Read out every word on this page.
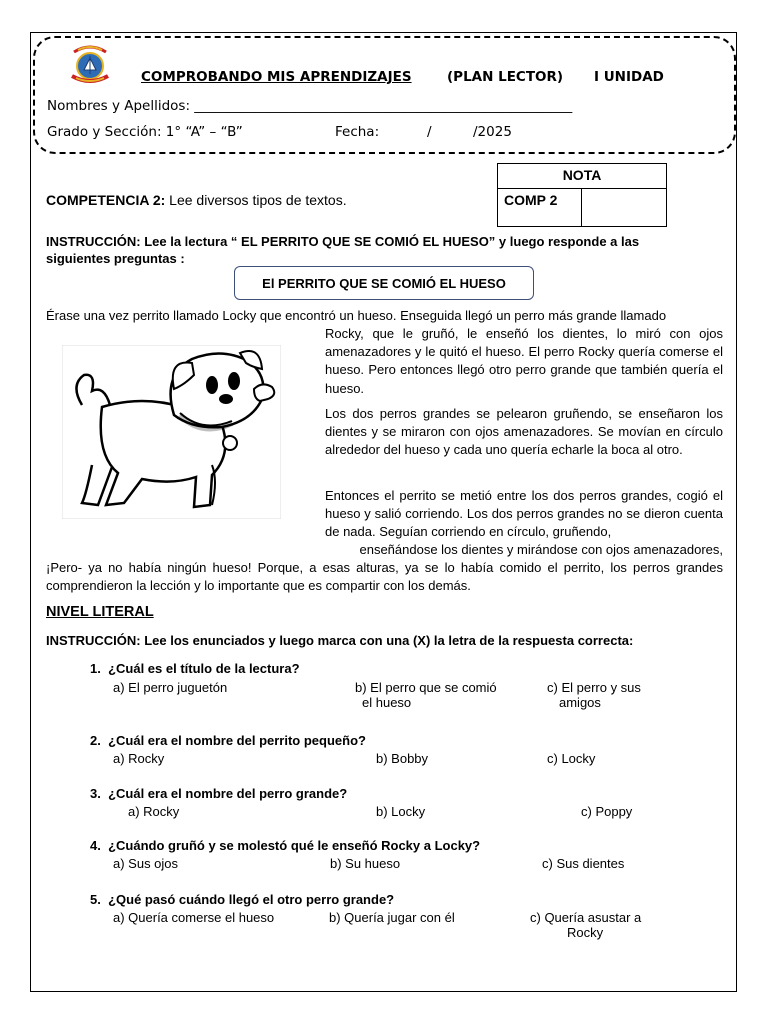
COMPROBANDO MIS APRENDIZAJES	(PLAN LECTOR) I UNIDAD
Nombres y Apellidos: ________________________________________________________
Grado y Sección: 1° “A” – “B”	Fecha:	/	/2025
NOTA
COMP 2
COMPETENCIA 2: Lee diversos tipos de textos.
INSTRUCCIÓN: Lee la lectura “ EL PERRITO QUE SE COMIÓ EL HUESO” y luego responde a las
siguientes preguntas :
El PERRITO QUE SE COMIÓ EL HUESO
Érase una vez perrito llamado Locky que encontró un hueso. Enseguida llegó un perro más grande llamado
Rocky, que le gruñó, le enseñó los dientes, lo miró con ojos amenazadores y le quitó el hueso. El perro Rocky quería comerse el hueso. Pero entonces llegó otro perro grande que también quería el hueso.
Los dos perros grandes se pelearon gruñendo, se enseñaron los dientes y se miraron con ojos amenazadores. Se movían en círculo alrededor del hueso y cada uno quería echarle la boca al otro.
Entonces el perrito se metió entre los dos perros grandes, cogió el hueso y salió corriendo. Los dos perros grandes no se dieron cuenta de nada. Seguían corriendo en círculo, gruñendo,
enseñándose los dientes y mirándose con ojos amenazadores,
¡Pero- ya no había ningún hueso! Porque, a esas alturas, ya se lo había comido el perrito, los perros grandes comprendieron la lección y lo importante que es compartir con los demás.
NIVEL LITERAL
INSTRUCCIÓN: Lee los enunciados y luego marca con una (X) la letra de la respuesta correcta:
1. ¿Cuál es el título de la lectura?
a) El perro juguetón	b) El perro que se comió
el hueso
c) El perro y sus
amigos
2. ¿Cuál era el nombre del perrito pequeño?
a) Rocky	b) Bobby	c) Locky
3. ¿Cuál era el nombre del perro grande?
a) Rocky	b) Locky	c) Poppy
4. ¿Cuándo gruñó y se molestó qué le enseñó Rocky a Locky?
a) Sus ojos	b) Su hueso	c) Sus dientes
5. ¿Qué pasó cuándo llegó el otro perro grande?
a) Quería comerse el hueso	b) Quería jugar con él	c) Quería asustar a
Rocky
